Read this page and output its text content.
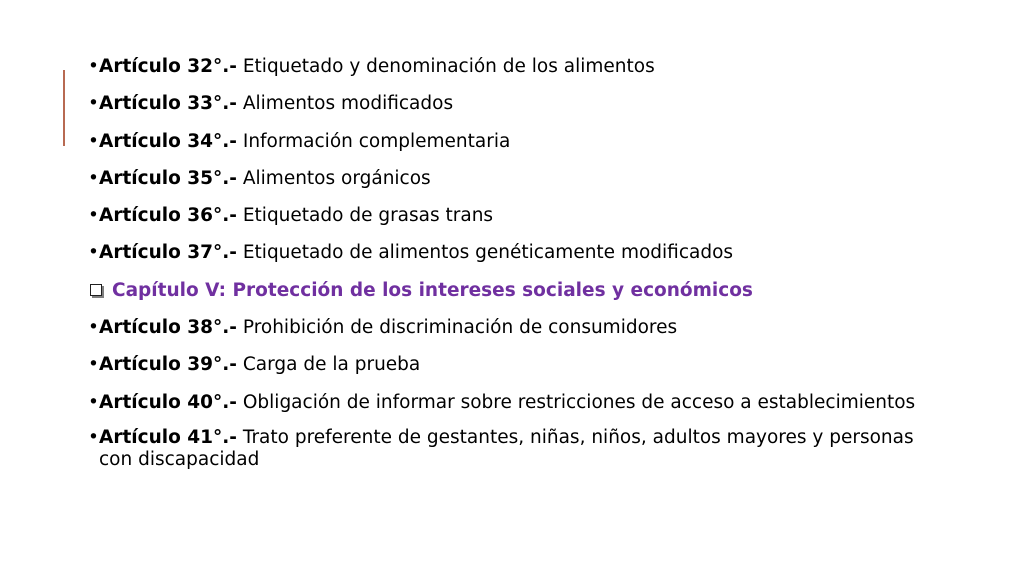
• Artículo 32°.- Etiquetado y denominación de los alimentos
• Artículo 33°.- Alimentos modificados
• Artículo 34°.- Información complementaria
• Artículo 35°.- Alimentos orgánicos
• Artículo 36°.- Etiquetado de grasas trans
• Artículo 37°.- Etiquetado de alimentos genéticamente modificados
Capítulo V: Protección de los intereses sociales y económicos
• Artículo 38°.- Prohibición de discriminación de consumidores
• Artículo 39°.- Carga de la prueba
• Artículo 40°.- Obligación de informar sobre restricciones de acceso a establecimientos
• Artículo 41°.- Trato preferente de gestantes, niñas, niños, adultos mayores y personas con discapacidad
